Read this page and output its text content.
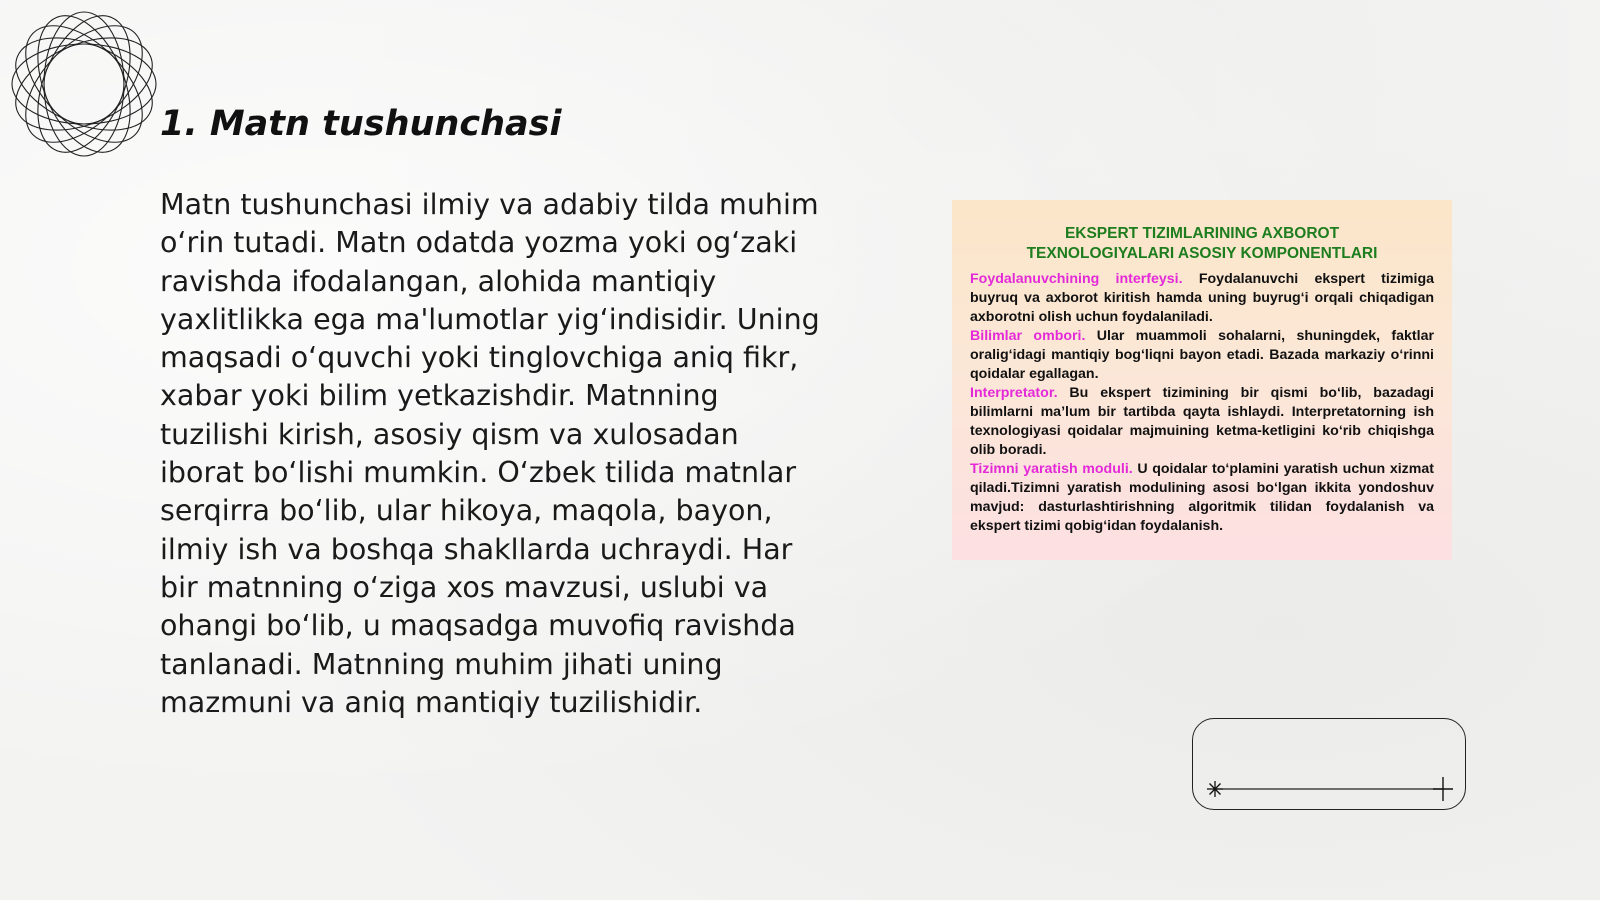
1. Matn tushunchasi

Matn tushunchasi ilmiy va adabiy tilda muhim o‘rin tutadi. Matn odatda yozma yoki og‘zaki ravishda ifodalangan, alohida mantiqiy yaxlitlikka ega ma'lumotlar yig‘indisidir. Uning maqsadi o‘quvchi yoki tinglovchiga aniq fikr, xabar yoki bilim yetkazishdir. Matnning tuzilishi kirish, asosiy qism va xulosadan iborat bo‘lishi mumkin. O‘zbek tilida matnlar serqirra bo‘lib, ular hikoya, maqola, bayon, ilmiy ish va boshqa shakllarda uchraydi. Har bir matnning o‘ziga xos mavzusi, uslubi va ohangi bo‘lib, u maqsadga muvofiq ravishda tanlanadi. Matnning muhim jihati uning mazmuni va aniq mantiqiy tuzilishidir.

EKSPERT TIZIMLARINING AXBOROT
TEXNOLOGIYALARI ASOSIY KOMPONENTLARI

Foydalanuvchining interfeysi. Foydalanuvchi ekspert tizimiga buyruq va axborot kiritish hamda uning buyrug‘i orqali chiqadigan axborotni olish uchun foydalaniladi.

Bilimlar ombori. Ular muammoli sohalarni, shuningdek, faktlar oralig‘idagi mantiqiy bog‘liqni bayon etadi. Bazada markaziy o‘rinni qoidalar egallagan.

Interpretator. Bu ekspert tizimining bir qismi bo‘lib, bazadagi bilimlarni ma’lum bir tartibda qayta ishlaydi. Interpretatorning ish texnologiyasi qoidalar majmuining ketma-ketligini ko‘rib chiqishga olib boradi.

Tizimni yaratish moduli. U qoidalar to‘plamini yaratish uchun xizmat qiladi.Tizimni yaratish modulining asosi bo‘lgan ikkita yondoshuv mavjud: dasturlashtirishning algoritmik tilidan foydalanish va ekspert tizimi qobig‘idan foydalanish.
